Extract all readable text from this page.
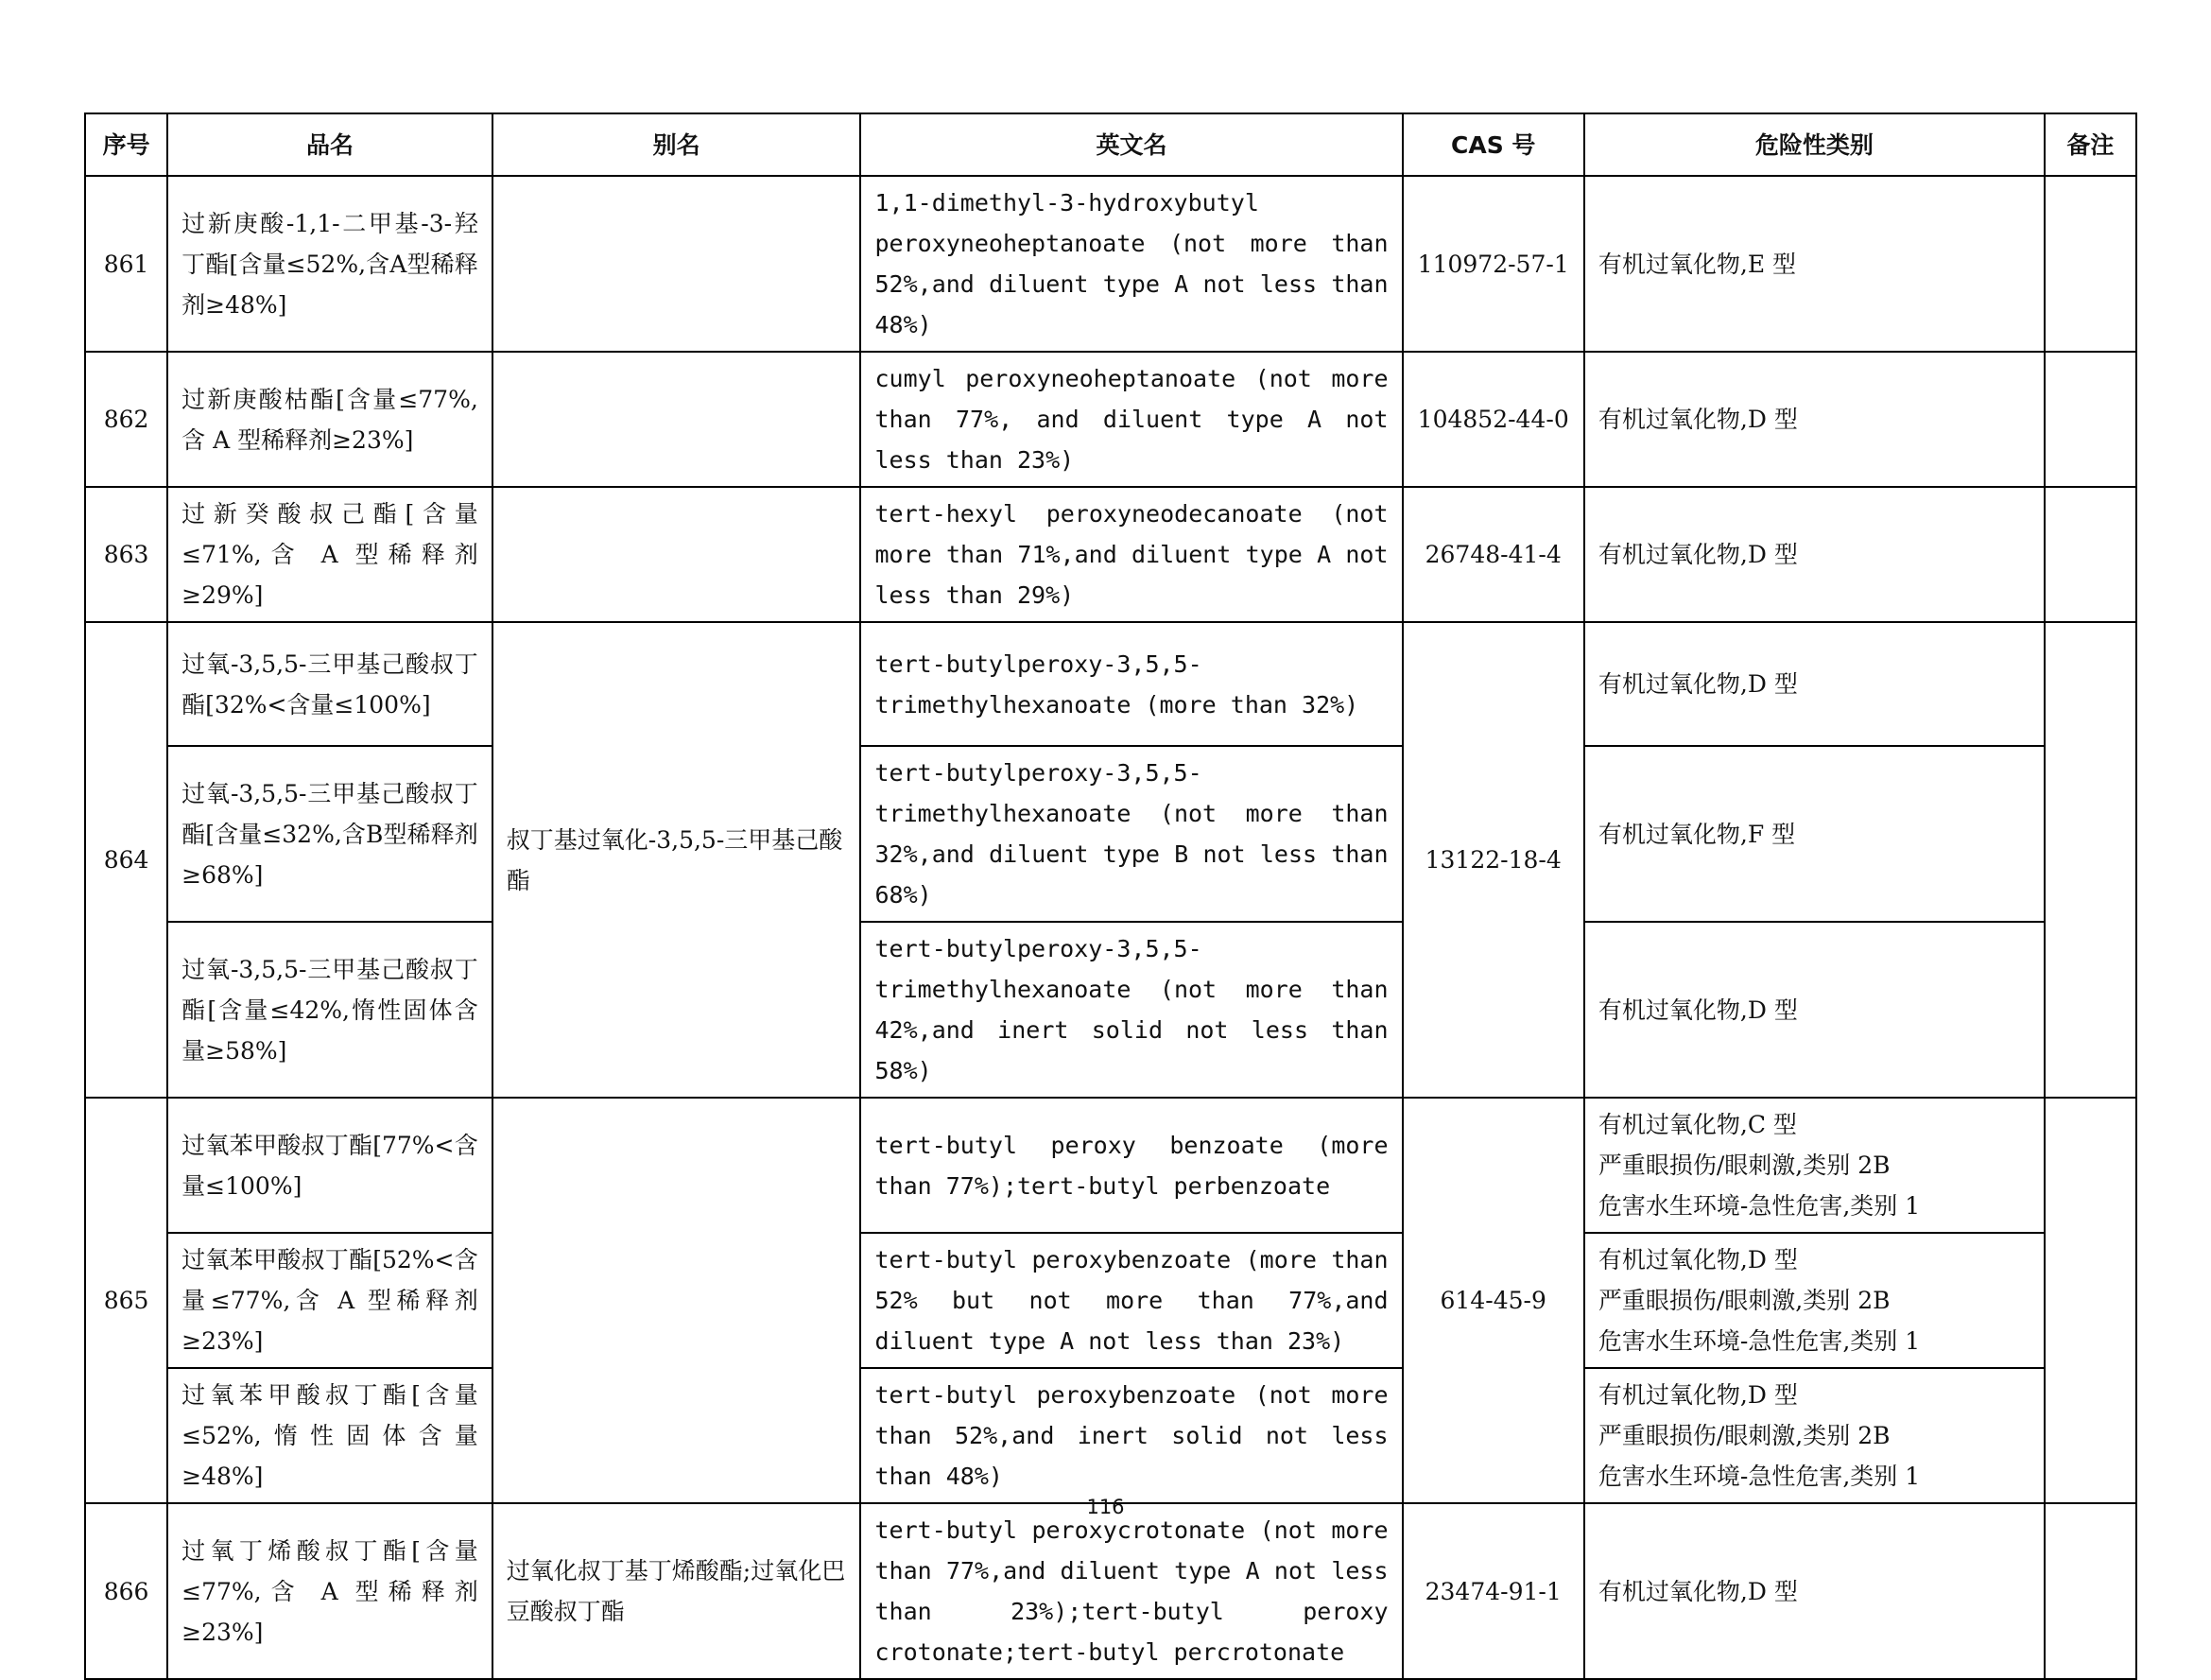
序号	品名	别名	英文名	CAS 号	危险性类别	备注
861	过新庚酸-1,1-二甲基-3-羟丁酯[含量≤52%,含A型稀释剂≥48%]		1,1-dimethyl-3-hydroxybutyl peroxyneoheptanoate (not more than 52%,and diluent type A not less than 48%)	110972-57-1	有机过氧化物,E 型	
862	过新庚酸枯酯[含量≤77%,含 A 型稀释剂≥23%]		cumyl peroxyneoheptanoate (not more than 77%, and diluent type A not less than 23%)	104852-44-0	有机过氧化物,D 型	
863	过新癸酸叔己酯[含量≤71%,含 A 型稀释剂≥29%]		tert-hexyl peroxyneodecanoate (not more than 71%,and diluent type A not less than 29%)	26748-41-4	有机过氧化物,D 型	
864	过氧-3,5,5-三甲基己酸叔丁酯[32%<含量≤100%]	叔丁基过氧化-3,5,5-三甲基己酸酯	tert-butylperoxy-3,5,5-trimethylhexanoate (more than 32%)	13122-18-4	有机过氧化物,D 型	
	过氧-3,5,5-三甲基己酸叔丁酯[含量≤32%,含B型稀释剂≥68%]		tert-butylperoxy-3,5,5-trimethylhexanoate (not more than 32%,and diluent type B not less than 68%)		有机过氧化物,F 型	
	过氧-3,5,5-三甲基己酸叔丁酯[含量≤42%,惰性固体含量≥58%]		tert-butylperoxy-3,5,5-trimethylhexanoate (not more than 42%,and inert solid not less than 58%)		有机过氧化物,D 型	
865	过氧苯甲酸叔丁酯[77%<含量≤100%]		tert-butyl peroxy benzoate (more than 77%);tert-butyl perbenzoate	614-45-9	有机过氧化物,C 型
严重眼损伤/眼刺激,类别 2B
危害水生环境-急性危害,类别 1	

	过氧苯甲酸叔丁酯[52%<含量≤77%,含 A 型稀释剂≥23%]		tert-butyl peroxybenzoate (more than 52% but not more than 77%,and diluent type A not less than 23%)		有机过氧化物,D 型
严重眼损伤/眼刺激,类别 2B
危害水生环境-急性危害,类别 1	

	过氧苯甲酸叔丁酯[含量≤52%,惰性固体含量≥48%]		tert-butyl peroxybenzoate (not more than 52%,and inert solid not less than 48%)		有机过氧化物,D 型
严重眼损伤/眼刺激,类别 2B
危害水生环境-急性危害,类别 1	

866	过氧丁烯酸叔丁酯[含量≤77%,含 A 型稀释剂≥23%]	过氧化叔丁基丁烯酸酯;过氧化巴豆酸叔丁酯	tert-butyl peroxycrotonate (not more than 77%,and diluent type A not less than 23%);tert-butyl peroxy crotonate;tert-butyl percrotonate	23474-91-1	有机过氧化物,D 型	
116
